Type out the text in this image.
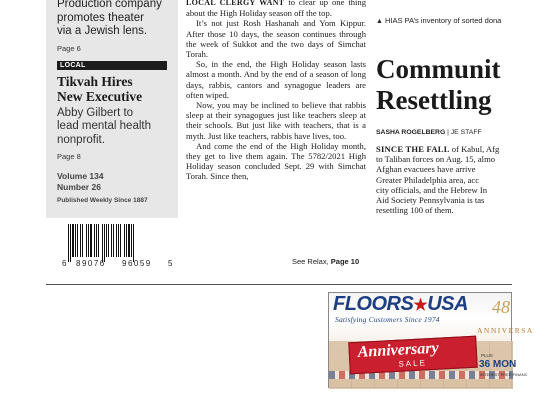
Production company
promotes theater
via a Jewish lens.
Page 6
LOCAL
Tikvah Hires
New Executive
Abby Gilbert to
lead mental health
nonprofit.
Page 8
Volume 134
Number 26
Published Weekly Since 1887
6 89076 96059 5

LOCAL CLERGY WANT to clear up one thing about the High Holiday season off the top.

It’s not just Rosh Hashanah and Yom Kippur. After those 10 days, the season continues through the week of Sukkot and the two days of Simchat Torah.

So, in the end, the High Holiday season lasts almost a month. And by the end of a season of long days, rabbis, cantors and synagogue leaders are often wiped.

Now, you may be inclined to believe that rabbis sleep at their synagogues just like teachers sleep at their schools. But just like with teachers, that is a myth. Just like teachers, rabbis have lives, too.

And come the end of the High Holiday month, they get to live them again. The 5782/2021 High Holiday season concluded Sept. 29 with Simchat Torah. Since then,

See Relax, Page 10
▲ HIAS PA’s inventory of sorted dona
Communit
Resettling
SASHA ROGELBERG | JE STAFF
SINCE THE FALL of Kabul, Afg
to Taliban forces on Aug. 15, almo
Afghan evacuees have arrive
Greater Philadelphia area, acc
city officials, and the Hebrew In
Aid Society Pennsylvania is tas
resettling 100 of them.
FLOORS★USA 48
Satisfying Customers Since 1974
ANNIVERSA
Anniversary
SALE
PLUS
36 MON
INTEREST FREE FINANC
